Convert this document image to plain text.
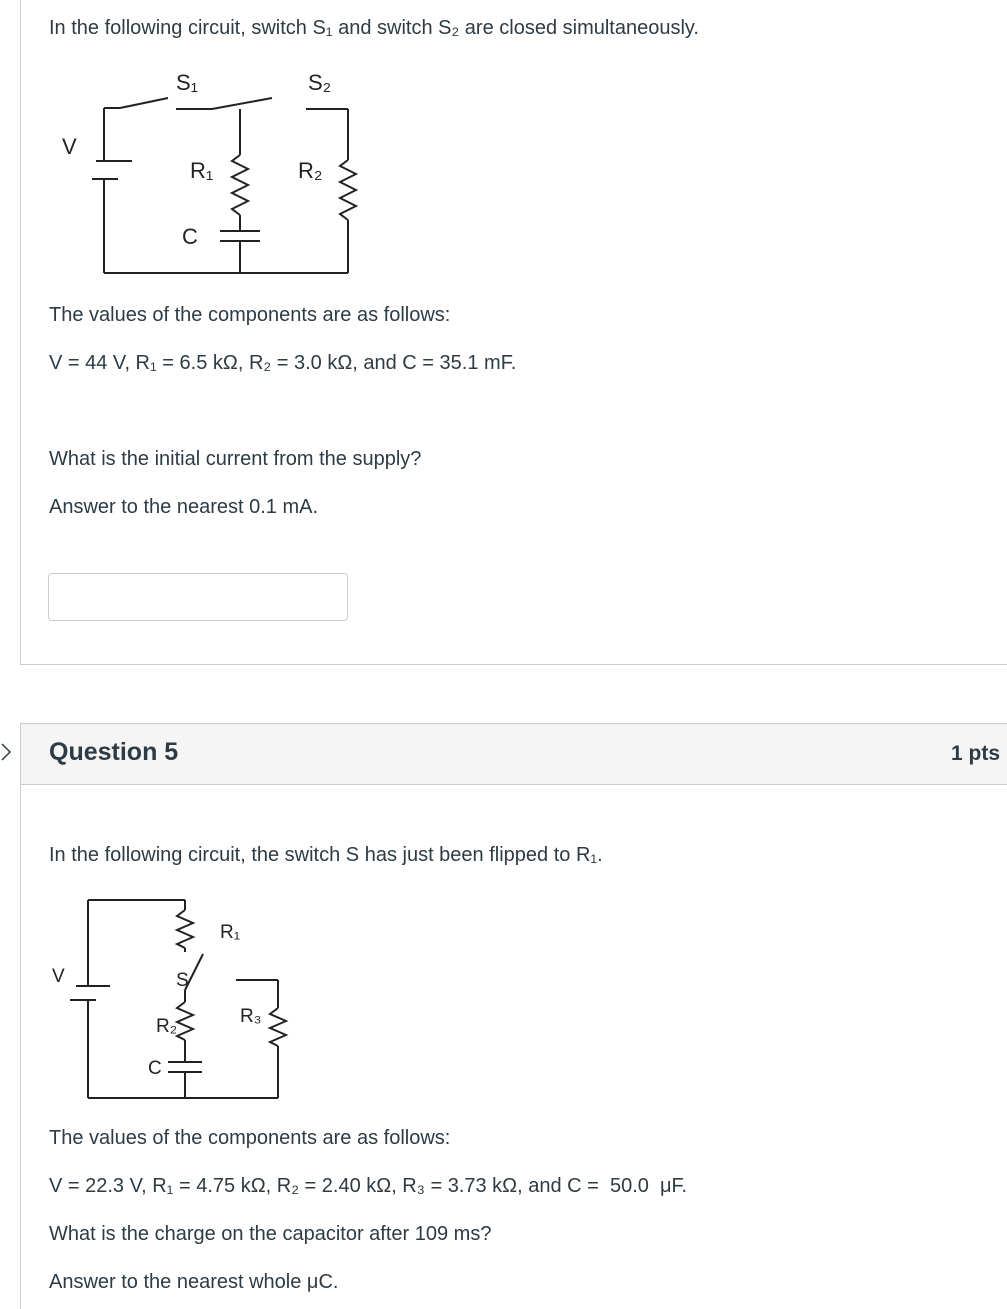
In the following circuit, switch S₁ and switch S₂ are closed simultaneously.
S₁	S₂
V
R₁	R₂
C
The values of the components are as follows:
V = 44 V, R₁ = 6.5 kΩ, R₂ = 3.0 kΩ, and C = 35.1 mF.
What is the initial current from the supply?
Answer to the nearest 0.1 mA.
Question 5	1 pts
In the following circuit, the switch S has just been flipped to R₁.
R₁
V	S
R₂	R₃
C
The values of the components are as follows:
V = 22.3 V, R₁ = 4.75 kΩ, R₂ = 2.40 kΩ, R₃ = 3.73 kΩ, and C =  50.0  μF.
What is the charge on the capacitor after 109 ms?
Answer to the nearest whole μC.
